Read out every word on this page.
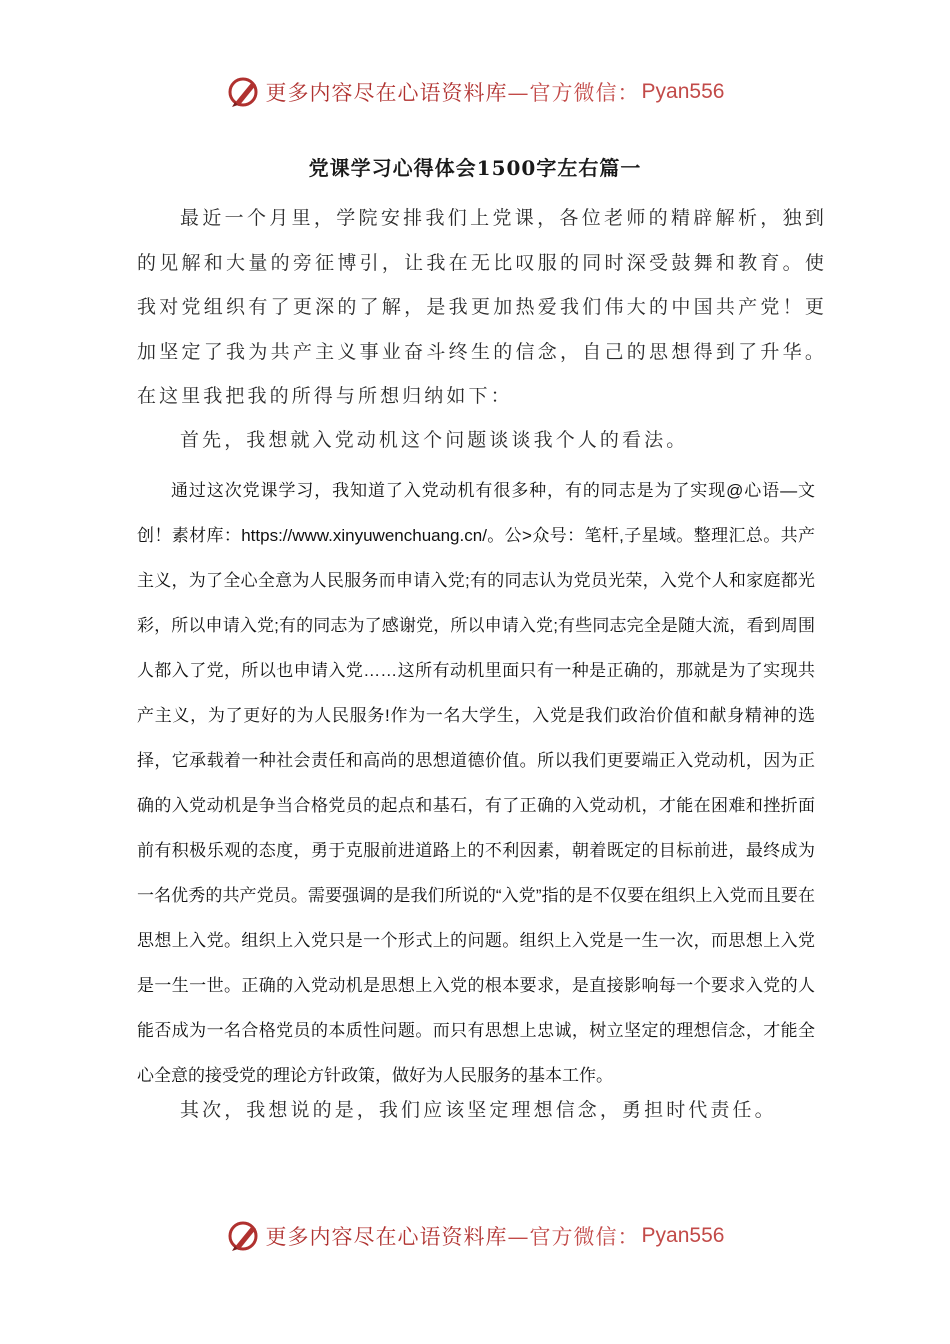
更多内容尽在心语资料库 —官方微信： Pyan556
党课学习心得体会1500字左右篇一

最近一个月里，学院安排我们上党课，各位老师的精辟解析，独到的见解和大量的旁征博引，让我在无比叹服的同时深受鼓舞和教育。使我对党组织有了更深的了解，是我更加热爱我们伟大的中国共产党！更加坚定了我为共产主义事业奋斗终生的信念，自己的思想得到了升华。在这里我把我的所得与所想归纳如下：

首先，我想就入党动机这个问题谈谈我个人的看法。

通过这次党课学习，我知道了入党动机有很多种，有的同志是为了实现@心语—文创！素材库：https://www.xinyuwenchuang.cn/。公>众号：笔杆,子星域。整理汇总。共产主义，为了全心全意为人民服务而申请入党;有的同志认为党员光荣，入党个人和家庭都光彩，所以申请入党;有的同志为了感谢党，所以申请入党;有些同志完全是随大流，看到周围人都入了党，所以也申请入党……这所有动机里面只有一种是正确的，那就是为了实现共产主义，为了更好的为人民服务!作为一名大学生，入党是我们政治价值和献身精神的选择，它承载着一种社会责任和高尚的思想道德价值。所以我们更要端正入党动机，因为正确的入党动机是争当合格党员的起点和基石，有了正确的入党动机，才能在困难和挫折面前有积极乐观的态度，勇于克服前进道路上的不利因素，朝着既定的目标前进，最终成为一名优秀的共产党员。需要强调的是我们所说的“入党”指的是不仅要在组织上入党而且要在思想上入党。组织上入党只是一个形式上的问题。组织上入党是一生一次，而思想上入党是一生一世。正确的入党动机是思想上入党的根本要求，是直接影响每一个要求入党的人能否成为一名合格党员的本质性问题。而只有思想上忠诚，树立坚定的理想信念，才能全心全意的接受党的理论方针政策，做好为人民服务的基本工作。

其次，我想说的是，我们应该坚定理想信念，勇担时代责任。

更多内容尽在心语资料库 —官方微信： Pyan556
